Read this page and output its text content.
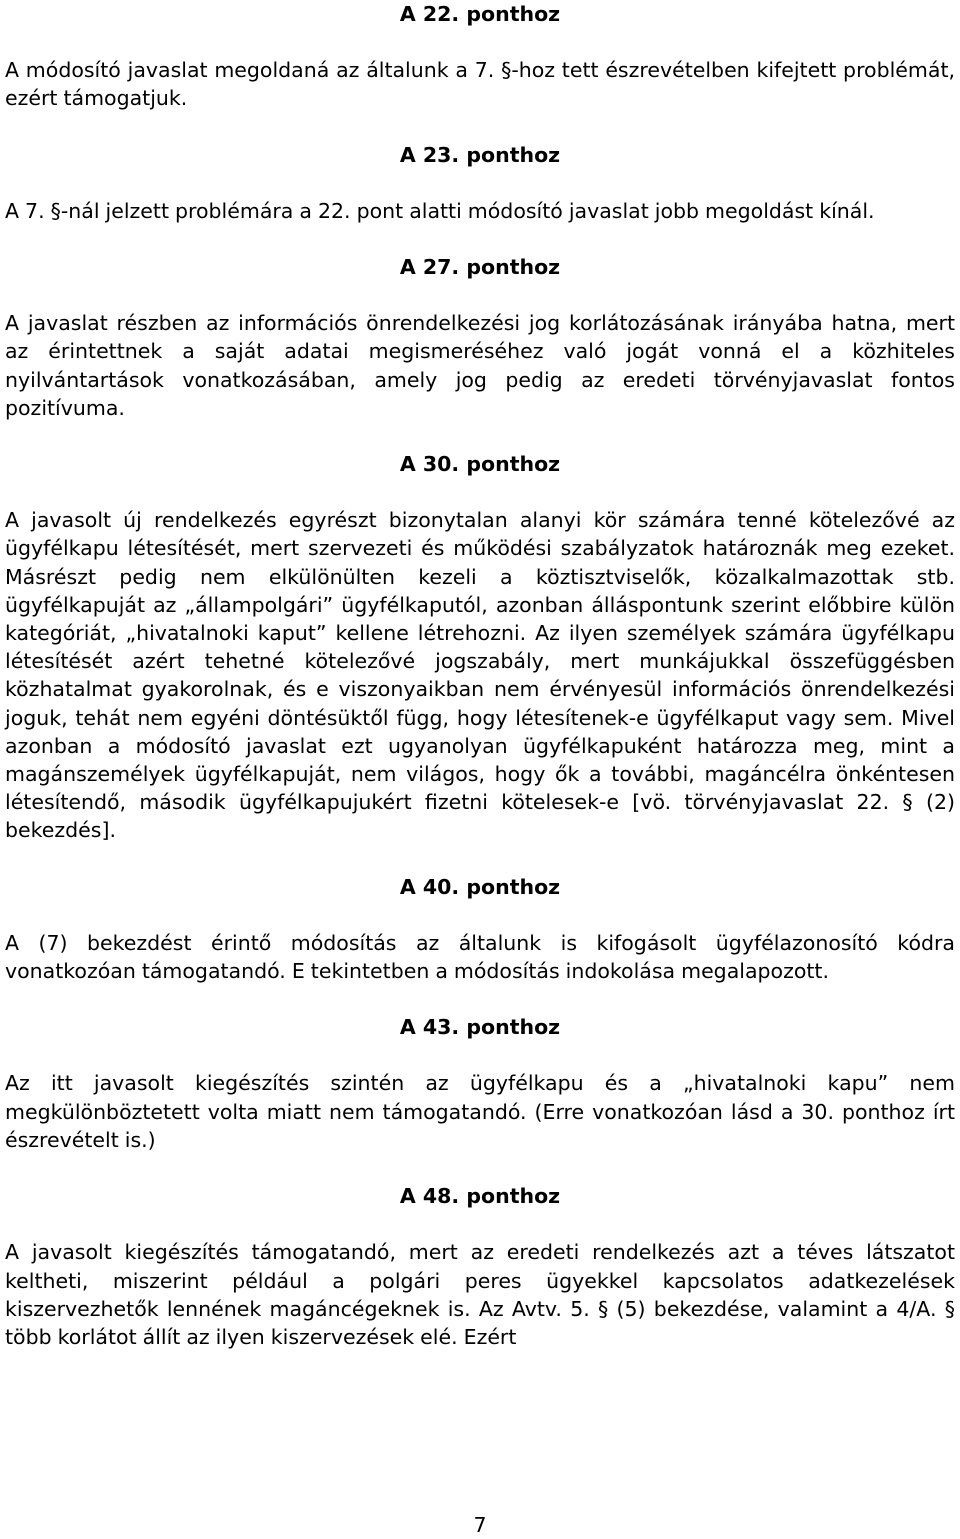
A 22. ponthoz

A módosító javaslat megoldaná az általunk a 7. §-hoz tett észrevételben kifejtett problémát, ezért támogatjuk.

A 23. ponthoz

A 7. §-nál jelzett problémára a 22. pont alatti módosító javaslat jobb megoldást kínál.

A 27. ponthoz

A javaslat részben az információs önrendelkezési jog korlátozásának irányába hatna, mert az érintettnek a saját adatai megismeréséhez való jogát vonná el a közhiteles nyilvántartások vonatkozásában, amely jog pedig az eredeti törvényjavaslat fontos pozitívuma.

A 30. ponthoz

A javasolt új rendelkezés egyrészt bizonytalan alanyi kör számára tenné kötelezővé az ügyfélkapu létesítését, mert szervezeti és működési szabályzatok határoznák meg ezeket. Másrészt pedig nem elkülönülten kezeli a köztisztviselők, közalkalmazottak stb. ügyfélkapuját az „állampolgári” ügyfélkaputól, azonban álláspontunk szerint előbbire külön kategóriát, „hivatalnoki kaput” kellene létrehozni. Az ilyen személyek számára ügyfélkapu létesítését azért tehetné kötelezővé jogszabály, mert munkájukkal összefüggésben közhatalmat gyakorolnak, és e viszonyaikban nem érvényesül információs önrendelkezési joguk, tehát nem egyéni döntésüktől függ, hogy létesítenek-e ügyfélkaput vagy sem. Mivel azonban a módosító javaslat ezt ugyanolyan ügyfélkapuként határozza meg, mint a magánszemélyek ügyfélkapuját, nem világos, hogy ők a további, magáncélra önkéntesen létesítendő, második ügyfélkapujukért fizetni kötelesek-e [vö. törvényjavaslat 22. § (2) bekezdés].

A 40. ponthoz

A (7) bekezdést érintő módosítás az általunk is kifogásolt ügyfélazonosító kódra vonatkozóan támogatandó. E tekintetben a módosítás indokolása megalapozott.

A 43. ponthoz

Az itt javasolt kiegészítés szintén az ügyfélkapu és a „hivatalnoki kapu” nem megkülönböztetett volta miatt nem támogatandó. (Erre vonatkozóan lásd a 30. ponthoz írt észrevételt is.)

A 48. ponthoz

A javasolt kiegészítés támogatandó, mert az eredeti rendelkezés azt a téves látszatot keltheti, miszerint például a polgári peres ügyekkel kapcsolatos adatkezelések kiszervezhetők lennének magáncégeknek is. Az Avtv. 5. § (5) bekezdése, valamint a 4/A. § több korlátot állít az ilyen kiszervezések elé. Ezért

7
